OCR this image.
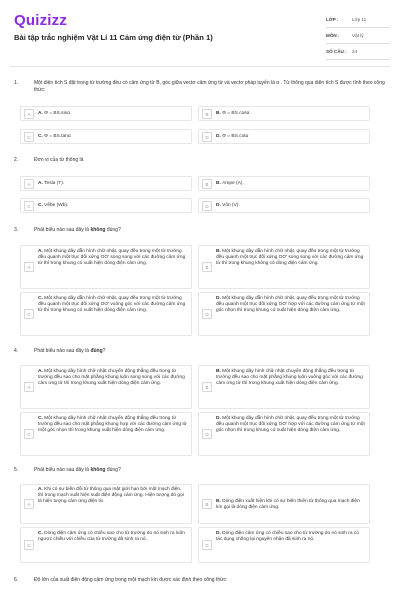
Quizizz
Bài tập trắc nghiệm Vật Lí 11 Cảm ứng điện từ (Phần 1)
LỚP :	Lớp 11
MÔN :	Vật lý
SỐ CÂU :	24
1.	Một diện tích S đặt trong từ trường đều có cảm ứng từ B, góc giữa vectơ cảm ứng từ và vectơ pháp tuyến là α . Từ thông qua diện tích S được tính theo công thức:
A	A. Φ = BS.sinα	B	B. Φ = BS.cosα
C	C. Φ = BS.tanα	D	D. Φ = BS.cotα
2.	Đơn vị của từ thông là
A	A. Tesla (T).	B	B. Ampe (A).
C	C. Vêbe (Wb).	D	D. Vôn (V).
3.	Phát biểu nào sau đây là không đúng?
A
A. Một khung dây dẫn hình chữ nhật, quay đều trong một từ trường đều quanh một trục đối xứng OO' song song với các đường cảm ứng từ thì trong khung có xuất hiện dòng điện cảm ứng.
B
B. Một khung dây dẫn hình chữ nhật, quay đều trong một từ trường đều quanh một trục đối xứng OO' song song với các đường cảm ứng từ thì trong khung không có dòng điện cảm ứng.
C
C. Một khung dây dẫn hình chữ nhật, quay đều trong một từ trường đều quanh một trục đối xứng OO' vuông góc với các đường cảm ứng từ thì trong khung có xuất hiện dòng điện cảm ứng.
D
D. Một khung dây dẫn hình chữ nhật, quay đều trong một từ trường đều quanh một trục đối xứng OO' hợp với các đường cảm ứng từ một góc nhọn thì trong khung có xuất hiện dòng điện cảm ứng.
4.	Phát biểu nào sau đây là đúng?
A
A. Một khung dây hình chữ nhật chuyển động thẳng đều trong từ trường đều sao cho mặt phẳng khung luôn song song với các đường cảm ứng từ thì trong khung xuất hiện dòng điện cảm ứng.
B
B. Một khung dây hình chữ nhật chuyển động thẳng đều trong từ trường đều sao cho mặt phẳng khung luôn vuông góc với các đường cảm ứng từ thì trong khung xuất hiện dòng điện cảm ứng.
C
C. Một khung dây hình chữ nhật chuyển động thẳng đều trong từ trường đều sao cho mặt phẳng khung hợp với các đường cảm ứng từ một góc nhọn thì trong khung xuất hiện dòng điện cảm ứng.
D
D. Một khung dây dẫn hình chữ nhật, quay đều trong một từ trường đều quanh một trục đối xứng OO' hợp với các đường cảm ứng từ một góc nhọn thì trong khung có xuất hiện dòng điện cảm ứng.
5.	Phát biểu nào sau đây là không đúng?
A
A. Khi có sự biến đổi từ thông qua mặt giới hạn bởi một mạch điện, thì trong mạch xuất hiện suất điện động cảm ứng. Hiện tượng đó gọi là hiện tượng cảm ứng điện từ.	B	B. Dòng điện xuất hiện khi có sự biến thiên từ thông qua mạch điện kín gọi là dòng điện cảm ứng.
C
C. Dòng điện cảm ứng có chiều sao cho từ trường do nó sinh ra luôn ngược chiều với chiều của từ trường đã sinh ra nó.
D
D. Dòng điện cảm ứng có chiều sao cho từ trường do nó sinh ra có tác dụng chống lại nguyên nhân đã sinh ra nó.
6.	Độ lớn của suất điện động cảm ứng trong một mạch kín được xác định theo công thức:
